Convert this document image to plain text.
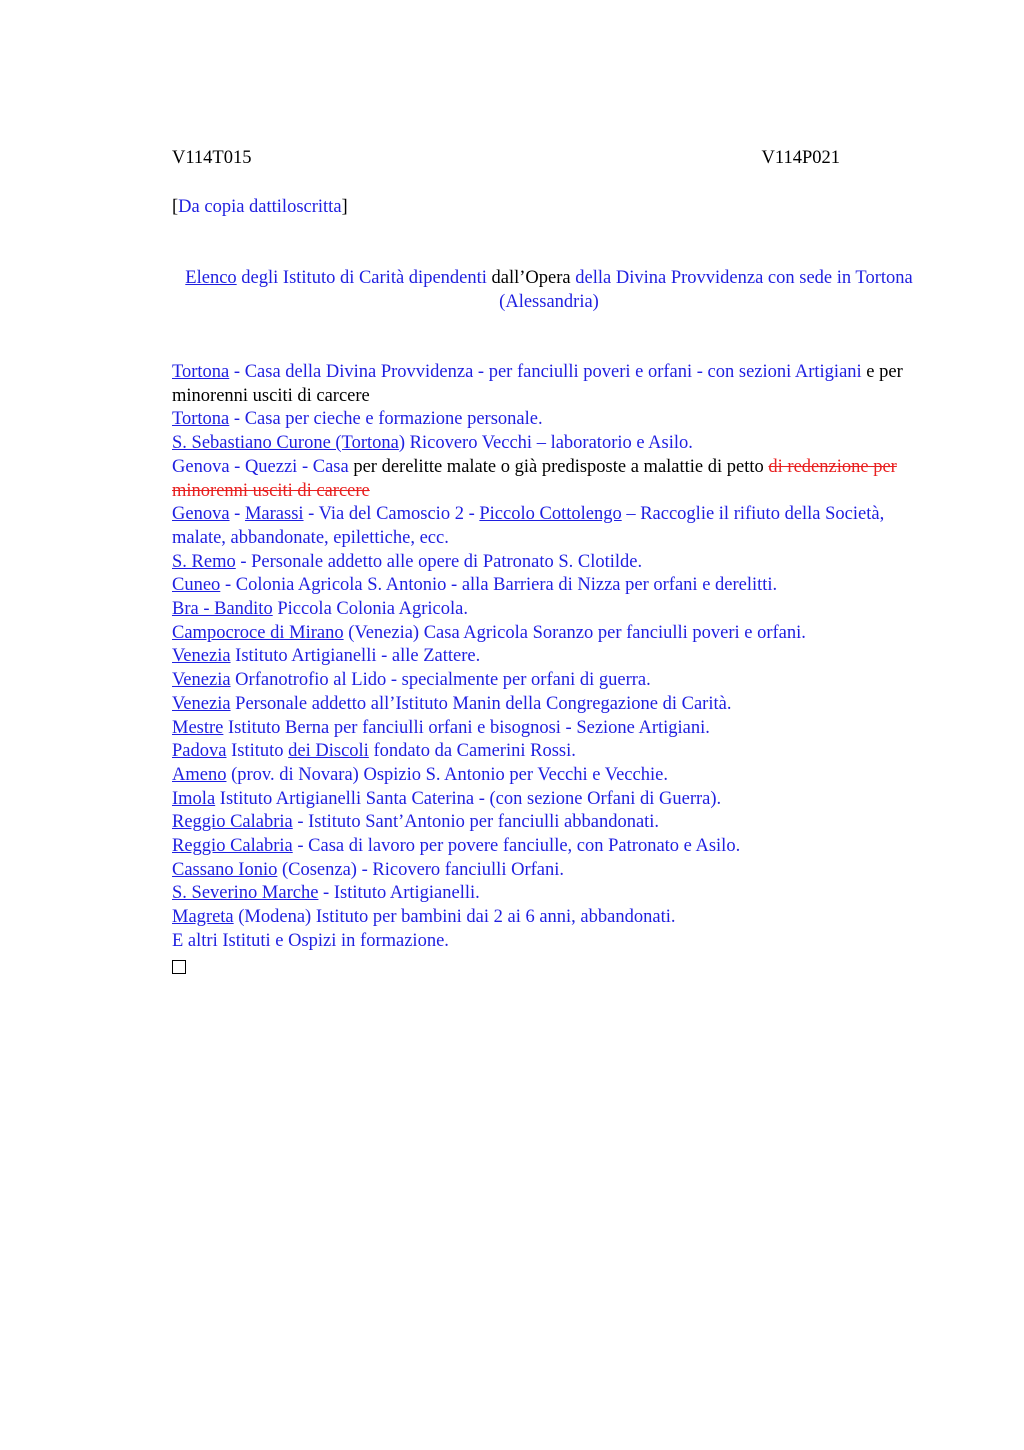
V114T015	V114P021
[Da copia dattiloscritta]
Elenco degli Istituto di Carità dipendenti dall’Opera della Divina Provvidenza con sede in Tortona (Alessandria)
Tortona - Casa della Divina Provvidenza - per fanciulli poveri e orfani - con sezioni Artigiani e per minorenni usciti di carcere
Tortona - Casa per cieche e formazione personale.
S. Sebastiano Curone (Tortona) Ricovero Vecchi – laboratorio e Asilo.
Genova - Quezzi - Casa per derelitte malate o già predisposte a malattie di petto di redenzione per minorenni usciti di carcere
Genova - Marassi - Via del Camoscio 2 - Piccolo Cottolengo – Raccoglie il rifiuto della Società, malate, abbandonate, epilettiche, ecc.
S. Remo - Personale addetto alle opere di Patronato S. Clotilde.
Cuneo - Colonia Agricola S. Antonio - alla Barriera di Nizza per orfani e derelitti.
Bra - Bandito Piccola Colonia Agricola.
Campocroce di Mirano (Venezia) Casa Agricola Soranzo per fanciulli poveri e orfani.
Venezia Istituto Artigianelli - alle Zattere.
Venezia Orfanotrofio al Lido - specialmente per orfani di guerra.
Venezia Personale addetto all’Istituto Manin della Congregazione di Carità.
Mestre Istituto Berna per fanciulli orfani e bisognosi - Sezione Artigiani.
Padova Istituto dei Discoli fondato da Camerini Rossi.
Ameno (prov. di Novara) Ospizio S. Antonio per Vecchi e Vecchie.
Imola Istituto Artigianelli Santa Caterina - (con sezione Orfani di Guerra).
Reggio Calabria - Istituto Sant’Antonio per fanciulli abbandonati.
Reggio Calabria - Casa di lavoro per povere fanciulle, con Patronato e Asilo.
Cassano Ionio (Cosenza) - Ricovero fanciulli Orfani.
S. Severino Marche - Istituto Artigianelli.
Magreta (Modena) Istituto per bambini dai 2 ai 6 anni, abbandonati.
E altri Istituti e Ospizi in formazione.
